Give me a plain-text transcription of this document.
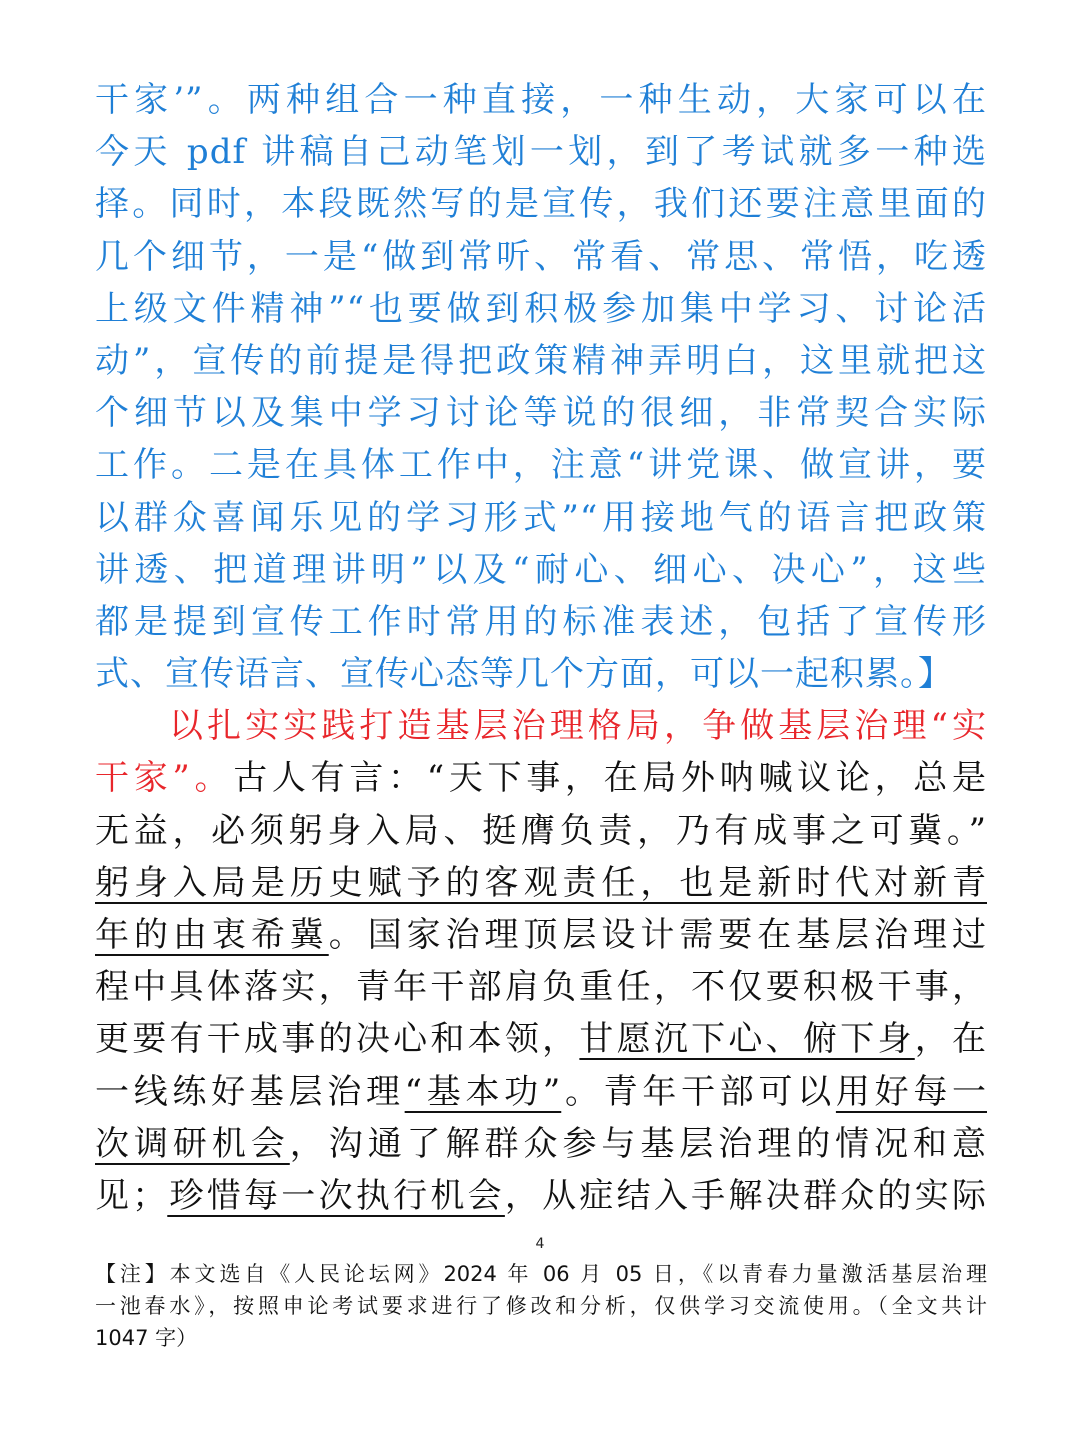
干家’”。两种组合一种直接，一种生动，大家可以在
今天 pdf 讲稿自己动笔划一划，到了考试就多一种选
择。同时，本段既然写的是宣传，我们还要注意里面的
几个细节，一是“做到常听、常看、常思、常悟，吃透
上级文件精神”“也要做到积极参加集中学习、讨论活
动”，宣传的前提是得把政策精神弄明白，这里就把这
个细节以及集中学习讨论等说的很细，非常契合实际
工作。二是在具体工作中，注意“讲党课、做宣讲，要
以群众喜闻乐见的学习形式”“用接地气的语言把政策
讲透、把道理讲明”以及“耐心、细心、决心”，这些
都是提到宣传工作时常用的标准表述，包括了宣传形
式、宣传语言、宣传心态等几个方面，可以一起积累。】
以扎实实践打造基层治理格局，争做基层治理“实
干家”。古人有言：“天下事，在局外呐喊议论，总是
无益，必须躬身入局、挺膺负责，乃有成事之可冀。”
躬身入局是历史赋予的客观责任，也是新时代对新青
年的由衷希冀。国家治理顶层设计需要在基层治理过
程中具体落实，青年干部肩负重任，不仅要积极干事，
更要有干成事的决心和本领，甘愿沉下心、俯下身，在
一线练好基层治理“基本功”。青年干部可以用好每一
次调研机会，沟通了解群众参与基层治理的情况和意
见；珍惜每一次执行机会，从症结入手解决群众的实际
4
【注】本文选自《人民论坛网》2024 年 06 月 05 日，《以青春力量激活基层治理
一池春水》，按照申论考试要求进行了修改和分析，仅供学习交流使用。（全文共计
1047 字）
